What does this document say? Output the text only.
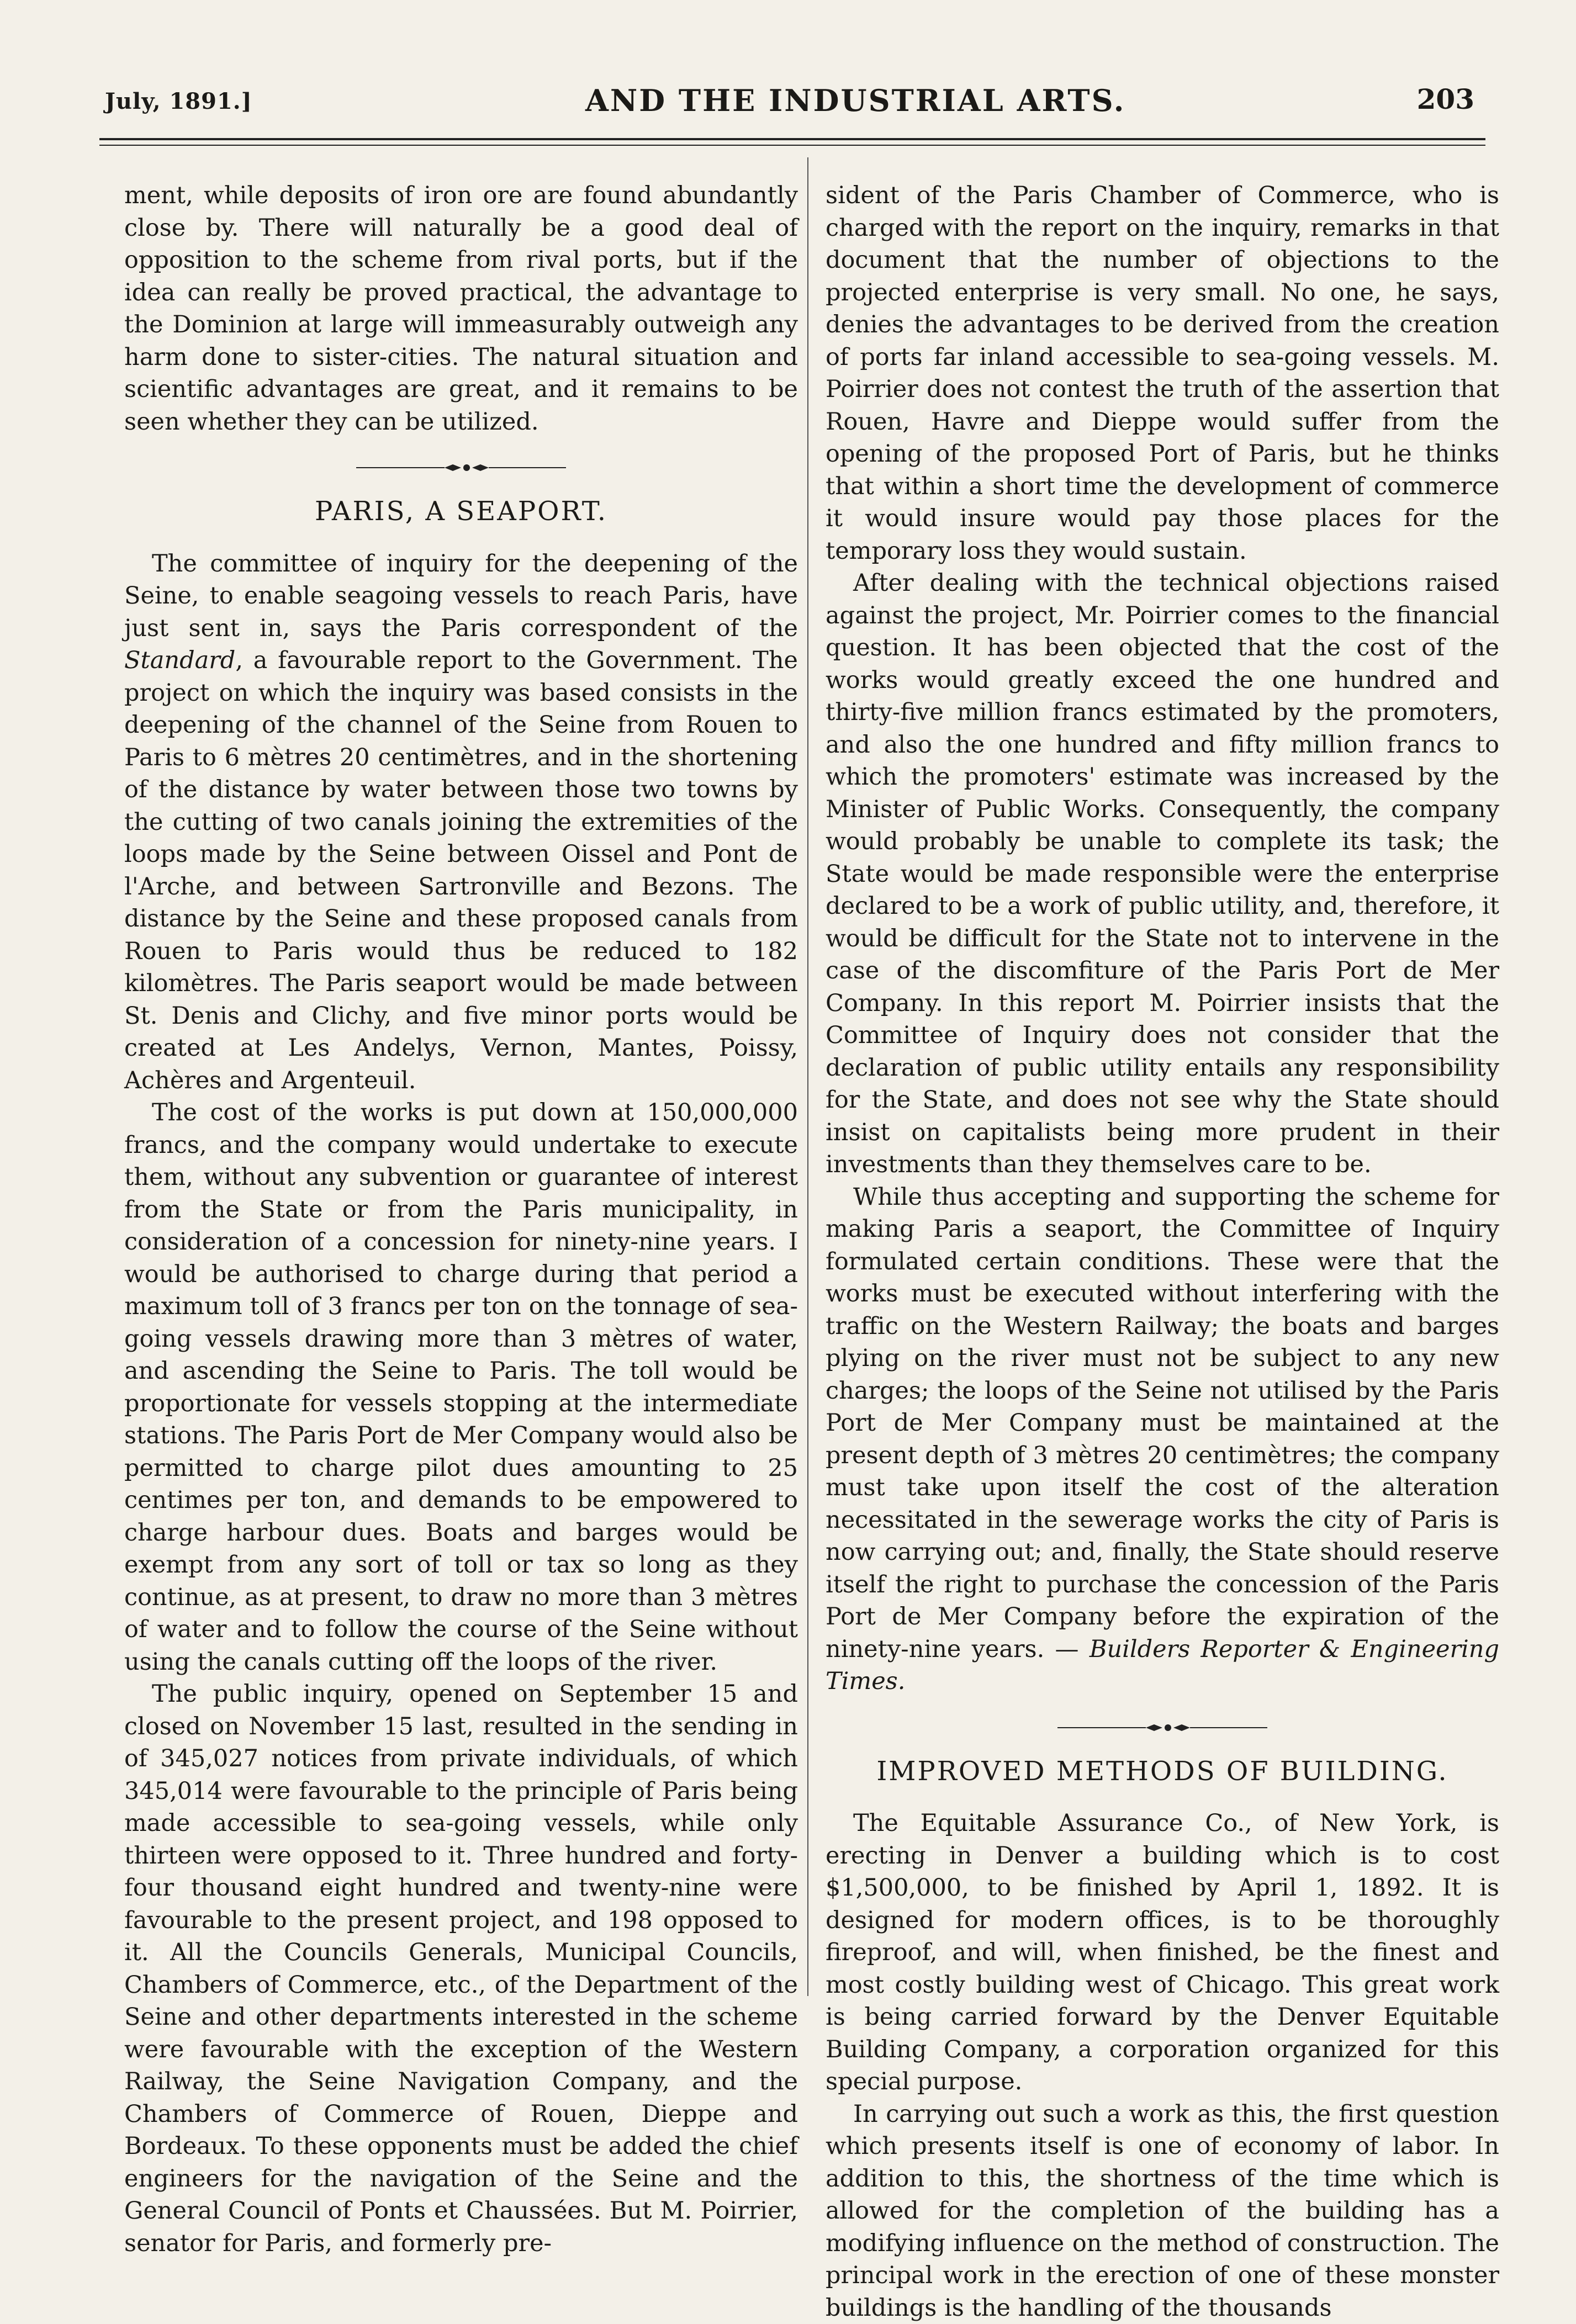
July, 1891.]	AND THE INDUSTRIAL ARTS.	203

ment, while deposits of iron ore are found abundantly close by. There will naturally be a good deal of opposition to the scheme from rival ports, but if the idea can really be proved practical, the advantage to the Dominion at large will immeasurably outweigh any harm done to sister-cities. The natural situation and scientific advantages are great, and it remains to be seen whether they can be utilized.

PARIS, A SEAPORT.

The committee of inquiry for the deepening of the Seine, to enable seagoing vessels to reach Paris, have just sent in, says the Paris correspondent of the Standard, a favourable report to the Government. The project on which the inquiry was based consists in the deepening of the channel of the Seine from Rouen to Paris to 6 mètres 20 centimètres, and in the shortening of the distance by water between those two towns by the cutting of two canals joining the extremities of the loops made by the Seine between Oissel and Pont de l'Arche, and between Sartronville and Bezons. The distance by the Seine and these proposed canals from Rouen to Paris would thus be reduced to 182 kilomètres. The Paris seaport would be made between St. Denis and Clichy, and five minor ports would be created at Les Andelys, Vernon, Mantes, Poissy, Achères and Argenteuil.

The cost of the works is put down at 150,000,000 francs, and the company would undertake to execute them, without any subvention or guarantee of interest from the State or from the Paris municipality, in consideration of a concession for ninety-nine years. I would be authorised to charge during that period a maximum toll of 3 francs per ton on the tonnage of sea-going vessels drawing more than 3 mètres of water, and ascending the Seine to Paris. The toll would be proportionate for vessels stopping at the intermediate stations. The Paris Port de Mer Company would also be permitted to charge pilot dues amounting to 25 centimes per ton, and demands to be empowered to charge harbour dues. Boats and barges would be exempt from any sort of toll or tax so long as they continue, as at present, to draw no more than 3 mètres of water and to follow the course of the Seine without using the canals cutting off the loops of the river.

The public inquiry, opened on September 15 and closed on November 15 last, resulted in the sending in of 345,027 notices from private individuals, of which 345,014 were favourable to the principle of Paris being made accessible to sea-going vessels, while only thirteen were opposed to it. Three hundred and forty-four thousand eight hundred and twenty-nine were favourable to the present project, and 198 opposed to it. All the Councils Generals, Municipal Councils, Chambers of Commerce, etc., of the Department of the Seine and other departments interested in the scheme were favourable with the exception of the Western Railway, the Seine Navigation Company, and the Chambers of Commerce of Rouen, Dieppe and Bordeaux. To these opponents must be added the chief engineers for the navigation of the Seine and the General Council of Ponts et Chaussées. But M. Poirrier, senator for Paris, and formerly pre-

sident of the Paris Chamber of Commerce, who is charged with the report on the inquiry, remarks in that document that the number of objections to the projected enterprise is very small. No one, he says, denies the advantages to be derived from the creation of ports far inland accessible to sea-going vessels. M. Poirrier does not contest the truth of the assertion that Rouen, Havre and Dieppe would suffer from the opening of the proposed Port of Paris, but he thinks that within a short time the development of commerce it would insure would pay those places for the temporary loss they would sustain.

After dealing with the technical objections raised against the project, Mr. Poirrier comes to the financial question. It has been objected that the cost of the works would greatly exceed the one hundred and thirty-five million francs estimated by the promoters, and also the one hundred and fifty million francs to which the promoters' estimate was increased by the Minister of Public Works. Consequently, the company would probably be unable to complete its task; the State would be made responsible were the enterprise declared to be a work of public utility, and, therefore, it would be difficult for the State not to intervene in the case of the discomfiture of the Paris Port de Mer Company. In this report M. Poirrier insists that the Committee of Inquiry does not consider that the declaration of public utility entails any responsibility for the State, and does not see why the State should insist on capitalists being more prudent in their investments than they themselves care to be.

While thus accepting and supporting the scheme for making Paris a seaport, the Committee of Inquiry formulated certain conditions. These were that the works must be executed without interfering with the traffic on the Western Railway; the boats and barges plying on the river must not be subject to any new charges; the loops of the Seine not utilised by the Paris Port de Mer Company must be maintained at the present depth of 3 mètres 20 centimètres; the company must take upon itself the cost of the alteration necessitated in the sewerage works the city of Paris is now carrying out; and, finally, the State should reserve itself the right to purchase the concession of the Paris Port de Mer Company before the expiration of the ninety-nine years. — Builders Reporter & Engineering Times.

IMPROVED METHODS OF BUILDING.

The Equitable Assurance Co., of New York, is erecting in Denver a building which is to cost $1,500,000, to be finished by April 1, 1892. It is designed for modern offices, is to be thoroughly fireproof, and will, when finished, be the finest and most costly building west of Chicago. This great work is being carried forward by the Denver Equitable Building Company, a corporation organized for this special purpose.

In carrying out such a work as this, the first question which presents itself is one of economy of labor. In addition to this, the shortness of the time which is allowed for the completion of the building has a modifying influence on the method of construction. The principal work in the erection of one of these monster buildings is the handling of the thousands
